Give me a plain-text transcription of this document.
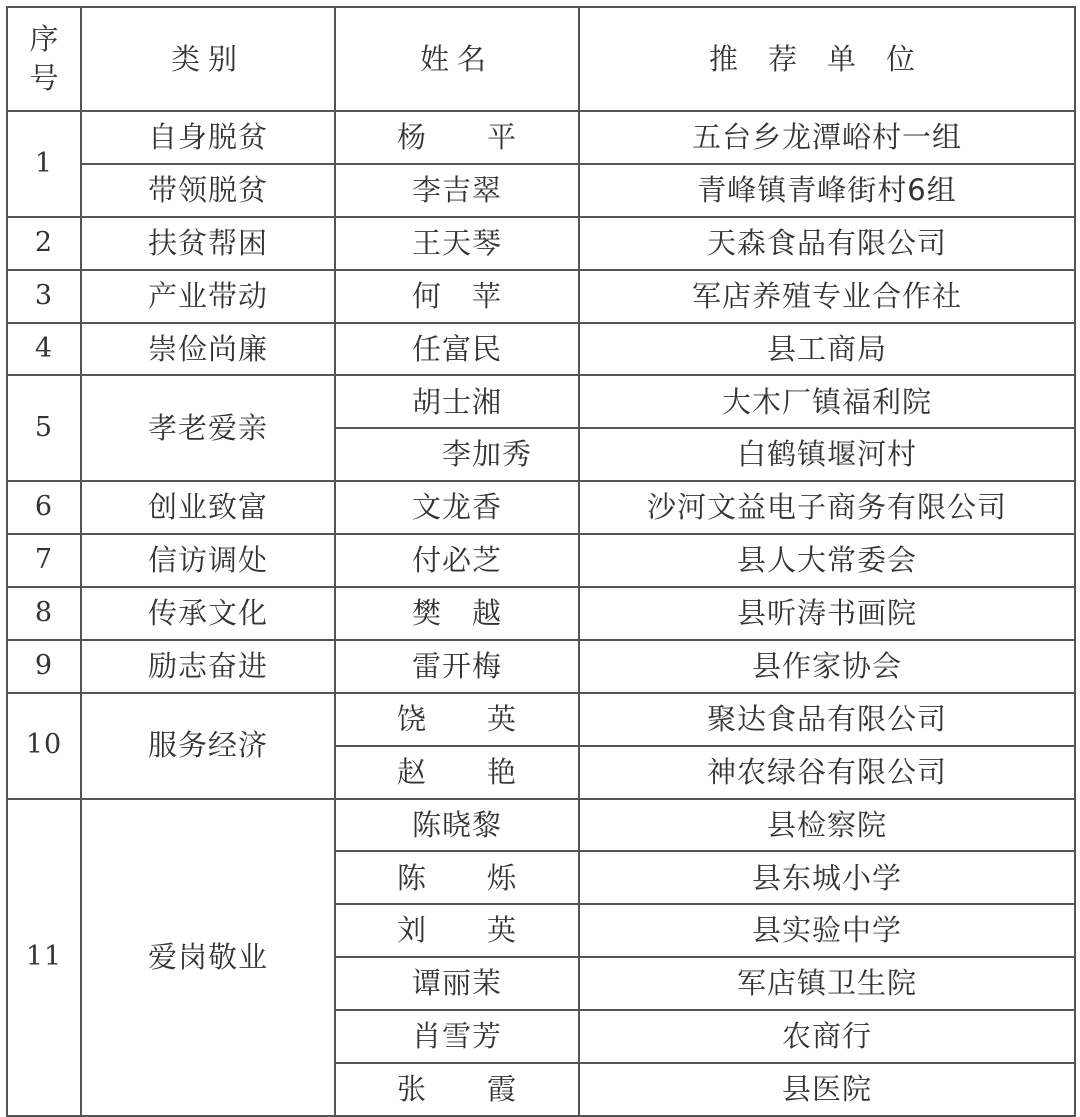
序
号	类别	姓名	推荐单位
1	自身脱贫	杨　　平	五台乡龙潭峪村一组
	带领脱贫	李吉翠	青峰镇青峰街村6组
2	扶贫帮困	王天琴	天森食品有限公司
3	产业带动	何　苹	军店养殖专业合作社
4	崇俭尚廉	任富民	县工商局
5	孝老爱亲	胡士湘	大木厂镇福利院
		李加秀	白鹤镇堰河村
6	创业致富	文龙香	沙河文益电子商务有限公司
7	信访调处	付必芝	县人大常委会
8	传承文化	樊　越	县听涛书画院
9	励志奋进	雷开梅	县作家协会
10	服务经济	饶　　英	聚达食品有限公司
		赵　　艳	神农绿谷有限公司
11	爱岗敬业	陈晓黎	县检察院
		陈　　烁	县东城小学
		刘　　英	县实验中学
		谭丽茉	军店镇卫生院
		肖雪芳	农商行
		张　　霞	县医院
